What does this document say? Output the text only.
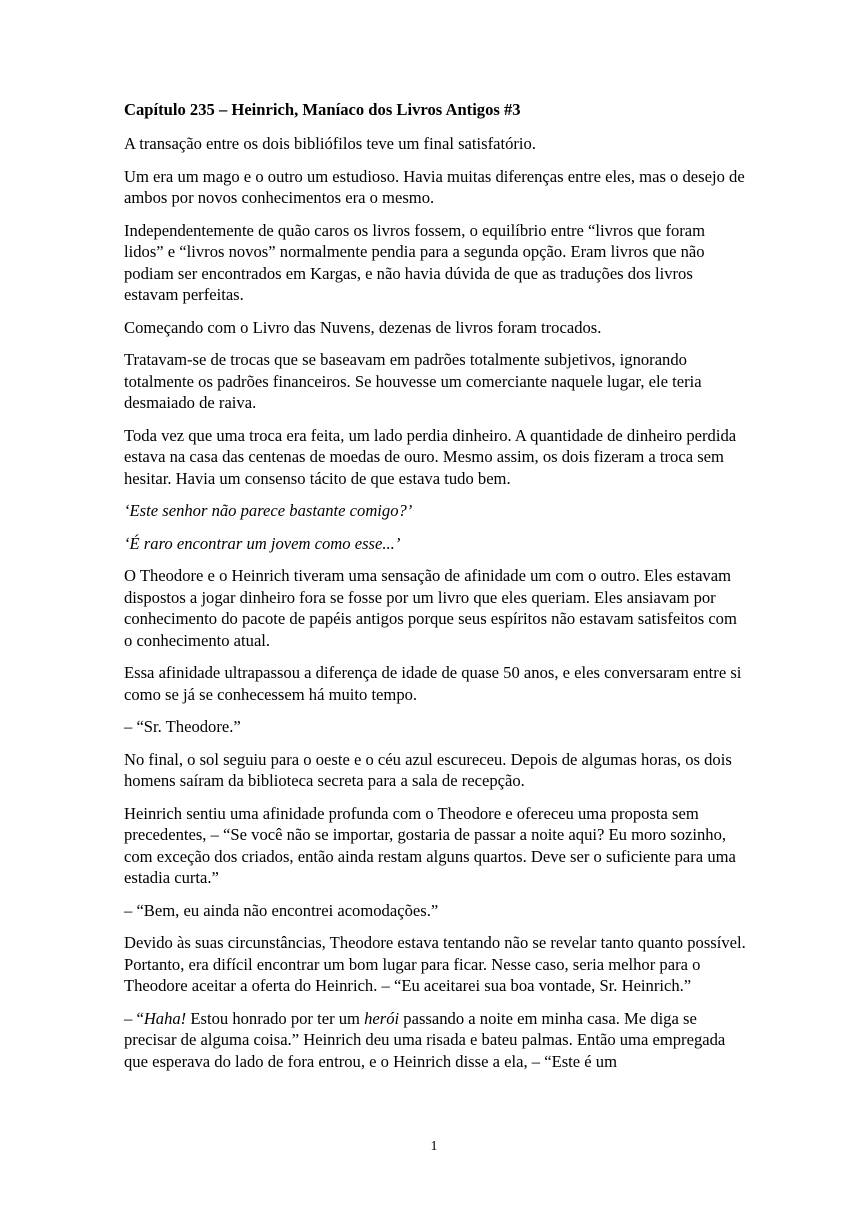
Capítulo 235 – Heinrich, Maníaco dos Livros Antigos #3

A transação entre os dois bibliófilos teve um final satisfatório.

Um era um mago e o outro um estudioso. Havia muitas diferenças entre eles, mas o desejo de ambos por novos conhecimentos era o mesmo.

Independentemente de quão caros os livros fossem, o equilíbrio entre “livros que foram lidos” e “livros novos” normalmente pendia para a segunda opção. Eram livros que não podiam ser encontrados em Kargas, e não havia dúvida de que as traduções dos livros estavam perfeitas.

Começando com o Livro das Nuvens, dezenas de livros foram trocados.

Tratavam-se de trocas que se baseavam em padrões totalmente subjetivos, ignorando totalmente os padrões financeiros. Se houvesse um comerciante naquele lugar, ele teria desmaiado de raiva.

Toda vez que uma troca era feita, um lado perdia dinheiro. A quantidade de dinheiro perdida estava na casa das centenas de moedas de ouro. Mesmo assim, os dois fizeram a troca sem hesitar. Havia um consenso tácito de que estava tudo bem.

‘Este senhor não parece bastante comigo?’

‘É raro encontrar um jovem como esse...’

O Theodore e o Heinrich tiveram uma sensação de afinidade um com o outro. Eles estavam dispostos a jogar dinheiro fora se fosse por um livro que eles queriam. Eles ansiavam por conhecimento do pacote de papéis antigos porque seus espíritos não estavam satisfeitos com o conhecimento atual.

Essa afinidade ultrapassou a diferença de idade de quase 50 anos, e eles conversaram entre si como se já se conhecessem há muito tempo.

– “Sr. Theodore.”

No final, o sol seguiu para o oeste e o céu azul escureceu. Depois de algumas horas, os dois homens saíram da biblioteca secreta para a sala de recepção.

Heinrich sentiu uma afinidade profunda com o Theodore e ofereceu uma proposta sem precedentes, – “Se você não se importar, gostaria de passar a noite aqui? Eu moro sozinho, com exceção dos criados, então ainda restam alguns quartos. Deve ser o suficiente para uma estadia curta.”

– “Bem, eu ainda não encontrei acomodações.”

Devido às suas circunstâncias, Theodore estava tentando não se revelar tanto quanto possível. Portanto, era difícil encontrar um bom lugar para ficar. Nesse caso, seria melhor para o Theodore aceitar a oferta do Heinrich. – “Eu aceitarei sua boa vontade, Sr. Heinrich.”

– “Haha! Estou honrado por ter um herói passando a noite em minha casa. Me diga se precisar de alguma coisa.” Heinrich deu uma risada e bateu palmas. Então uma empregada que esperava do lado de fora entrou, e o Heinrich disse a ela, – “Este é um

1
